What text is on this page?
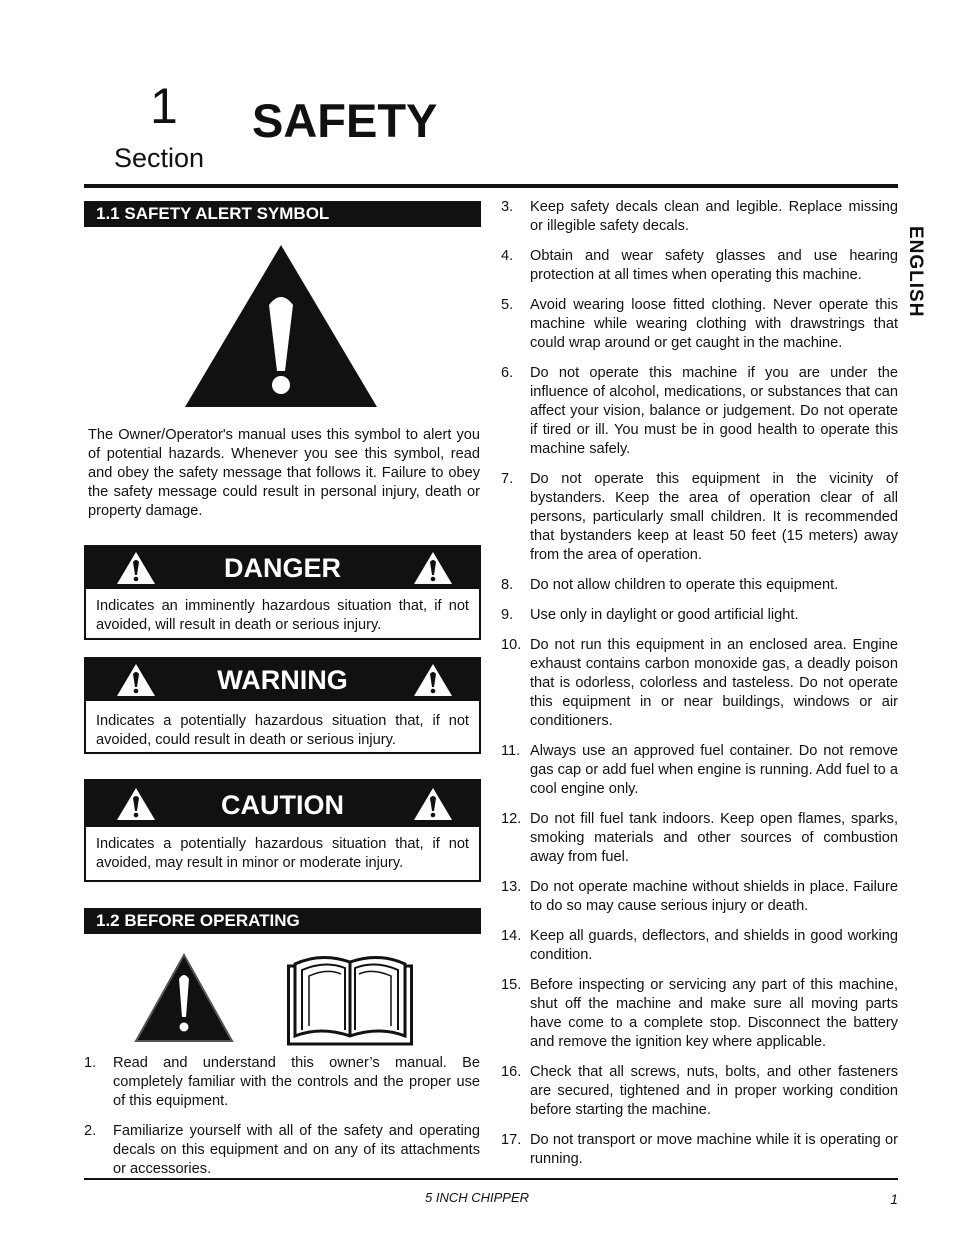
1
Section
SAFETY
ENGLISH
1.1 SAFETY ALERT SYMBOL
The Owner/Operator's manual uses this symbol to alert you of potential hazards. Whenever you see this symbol, read and obey the safety message that follows it. Failure to obey the safety message could result in personal injury, death or property damage.
DANGER
Indicates an imminently hazardous situation that, if not avoided, will result in death or serious injury.
WARNING
Indicates a potentially hazardous situation that, if not avoided, could result in death or serious injury.
CAUTION
Indicates a potentially hazardous situation that, if not avoided, may result in minor or moderate injury.
1.2 BEFORE OPERATING
1. Read and understand this owner’s manual. Be completely familiar with the controls and the proper use of this equipment.
2. Familiarize yourself with all of the safety and operating decals on this equipment and on any of its attachments or accessories.
3. Keep safety decals clean and legible. Replace missing or illegible safety decals.
4. Obtain and wear safety glasses and use hearing protection at all times when operating this machine.
5. Avoid wearing loose fitted clothing. Never operate this machine while wearing clothing with drawstrings that could wrap around or get caught in the machine.
6. Do not operate this machine if you are under the influence of alcohol, medications, or substances that can affect your vision, balance or judgement. Do not operate if tired or ill. You must be in good health to operate this machine safely.
7. Do not operate this equipment in the vicinity of bystanders. Keep the area of operation clear of all persons, particularly small children. It is recommended that bystanders keep at least 50 feet (15 meters) away from the area of operation.
8. Do not allow children to operate this equipment.
9. Use only in daylight or good artificial light.
10. Do not run this equipment in an enclosed area. Engine exhaust contains carbon monoxide gas, a deadly poison that is odorless, colorless and tasteless. Do not operate this equipment in or near buildings, windows or air conditioners.
11. Always use an approved fuel container. Do not remove gas cap or add fuel when engine is running. Add fuel to a cool engine only.
12. Do not fill fuel tank indoors. Keep open flames, sparks, smoking materials and other sources of combustion away from fuel.
13. Do not operate machine without shields in place. Failure to do so may cause serious injury or death.
14. Keep all guards, deflectors, and shields in good working condition.
15. Before inspecting or servicing any part of this machine, shut off the machine and make sure all moving parts have come to a complete stop. Disconnect the battery and remove the ignition key where applicable.
16. Check that all screws, nuts, bolts, and other fasteners are secured, tightened and in proper working condition before starting the machine.
17. Do not transport or move machine while it is operating or running.
5 INCH CHIPPER	1
